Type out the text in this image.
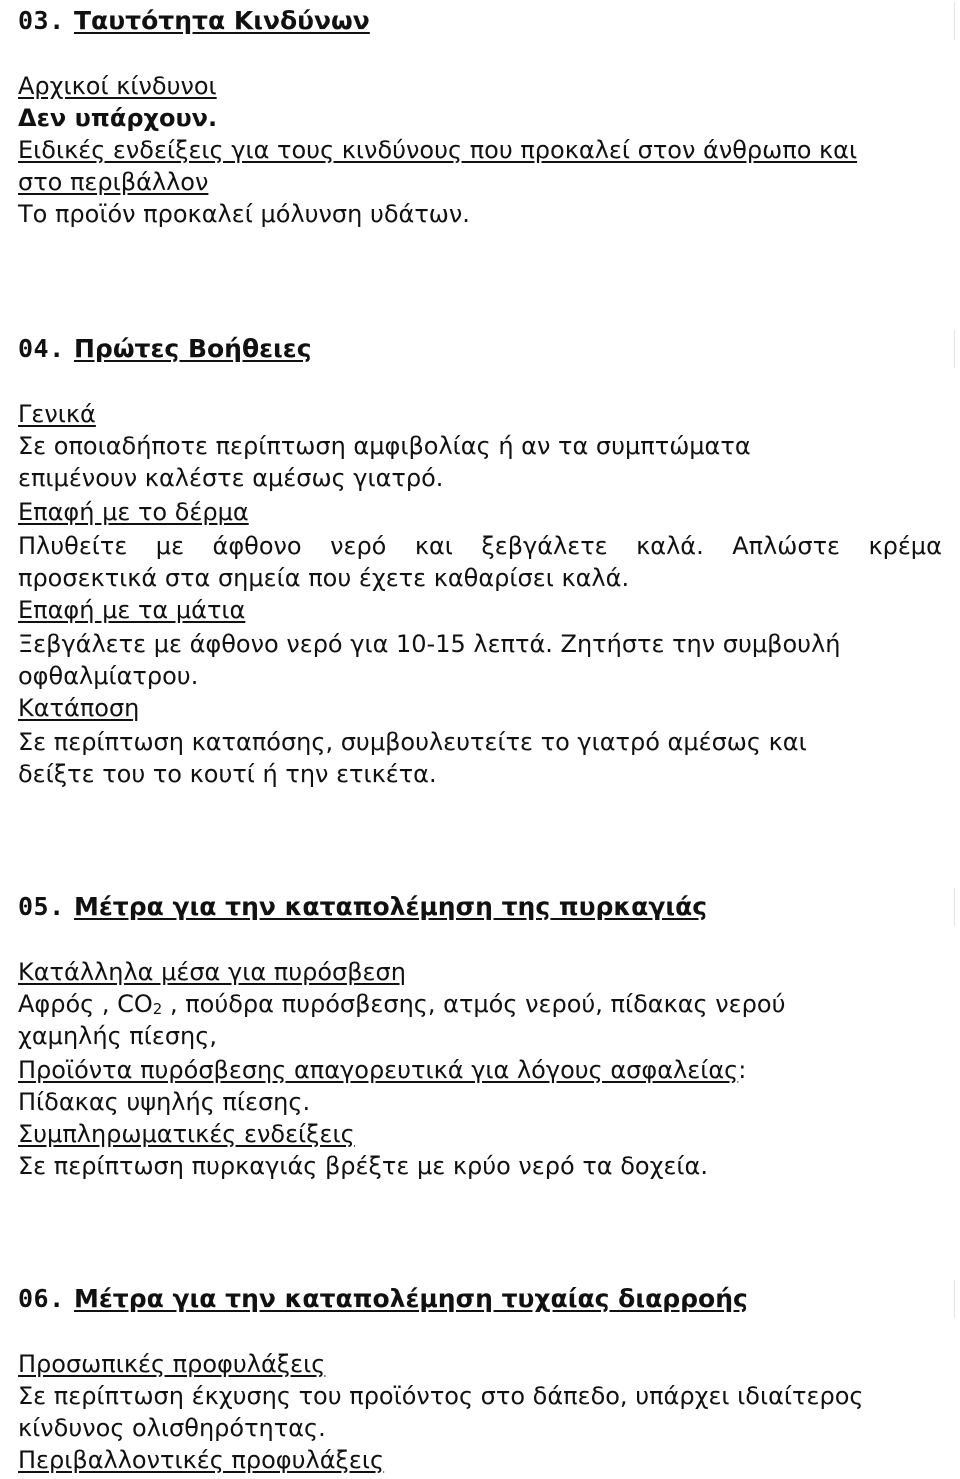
03. Ταυτότητα Κινδύνων
Αρχικοί κίνδυνοι
Δεν υπάρχουν.
Ειδικές ενδείξεις για τους κινδύνους που προκαλεί στον άνθρωπο και
στο περιβάλλον
Το προϊόν προκαλεί μόλυνση υδάτων.
04. Πρώτες Βοήθειες
Γενικά
Σε οποιαδήποτε περίπτωση αμφιβολίας ή αν τα συμπτώματα
επιμένουν καλέστε αμέσως γιατρό.
Επαφή με το δέρμα
Πλυθείτε με άφθονο νερό και ξεβγάλετε καλά. Απλώστε κρέμα
προσεκτικά στα σημεία που έχετε καθαρίσει καλά.
Επαφή με τα μάτια
Ξεβγάλετε με άφθονο νερό για 10-15 λεπτά. Ζητήστε την συμβουλή
οφθαλμίατρου.
Κατάποση
Σε περίπτωση καταπόσης, συμβουλευτείτε το γιατρό αμέσως και
δείξτε του το κουτί ή την ετικέτα.
05. Μέτρα για την καταπολέμηση της πυρκαγιάς
Κατάλληλα μέσα για πυρόσβεση
Αφρός , $CO_2$ , πούδρα πυρόσβεσης, ατμός νερού, πίδακας νερού
χαμηλής πίεσης,
Προϊόντα πυρόσβεσης απαγορευτικά για λόγους ασφαλείας:
Πίδακας υψηλής πίεσης.
Συμπληρωματικές ενδείξεις
Σε περίπτωση πυρκαγιάς βρέξτε με κρύο νερό τα δοχεία.
06. Μέτρα για την καταπολέμηση τυχαίας διαρροής
Προσωπικές προφυλάξεις
Σε περίπτωση έκχυσης του προϊόντος στο δάπεδο, υπάρχει ιδιαίτερος
κίνδυνος ολισθηρότητας.
Περιβαλλοντικές προφυλάξεις
